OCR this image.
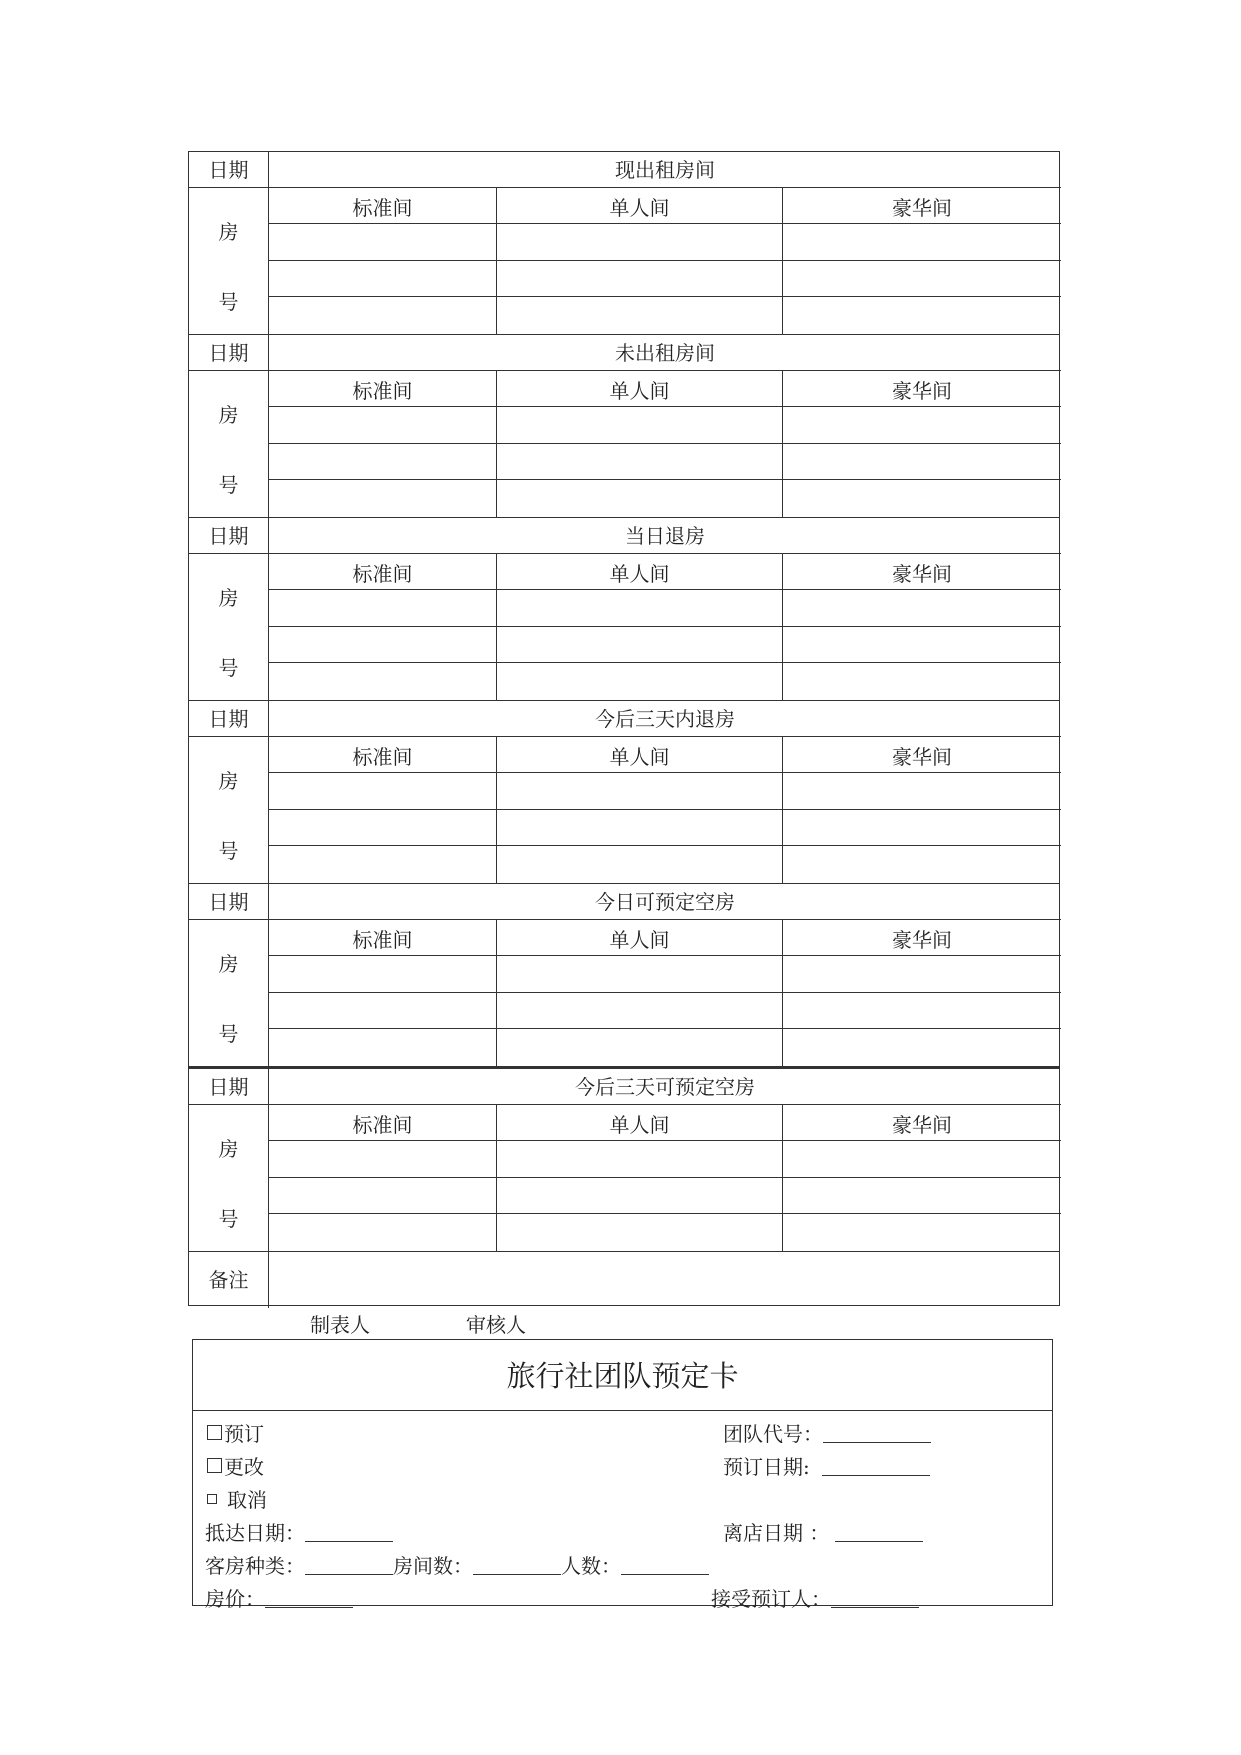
日期	现出租房间
房
号
标准间	单人间	豪华间
日期	未出租房间
房
号
标准间	单人间	豪华间
日期	当日退房
房
号
标准间	单人间	豪华间
日期	今后三天内退房
房
号
标准间	单人间	豪华间
日期	今日可预定空房
房
号
标准间	单人间	豪华间
日期	今后三天可预定空房
房
号
标准间	单人间	豪华间
备注
制表人	审核人
旅行社团队预定卡
预订
更改
取消
团队代号：
预订日期:
抵达日期：	离店日期 ：
客房种类：	房间数：	人数：
房价：	接受预订人：
